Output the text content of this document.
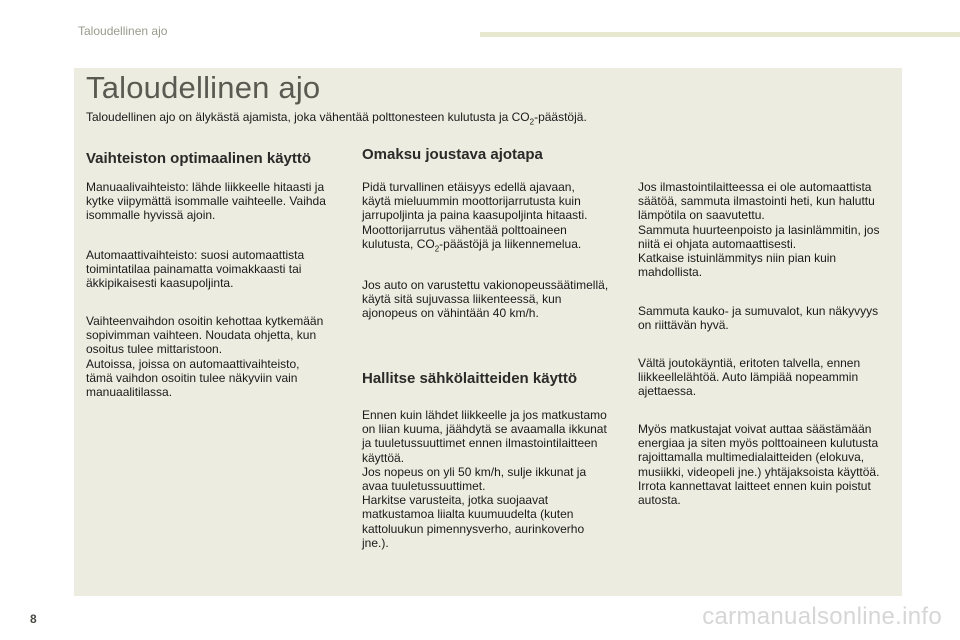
Taloudellinen ajo
Taloudellinen ajo
Taloudellinen ajo on älykästä ajamista, joka vähentää polttonesteen kulutusta ja $CO_2$-päästöjä.
Vaihteiston optimaalinen käyttö
Manuaalivaihteisto: lähde liikkeelle hitaasti ja
kytke viipymättä isommalle vaihteelle. Vaihda
isommalle hyvissä ajoin.
Automaattivaihteisto: suosi automaattista
toimintatilaa painamatta voimakkaasti tai
äkkipikaisesti kaasupoljinta.
Vaihteenvaihdon osoitin kehottaa kytkemään
sopivimman vaihteen. Noudata ohjetta, kun
osoitus tulee mittaristoon.
Autoissa, joissa on automaattivaihteisto,
tämä vaihdon osoitin tulee näkyviin vain
manuaalitilassa.
Omaksu joustava ajotapa
Pidä turvallinen etäisyys edellä ajavaan,
käytä mieluummin moottorijarrutusta kuin
jarrupoljinta ja paina kaasupoljinta hitaasti.
Moottorijarrutus vähentää polttoaineen
kulutusta, $CO_2$-päästöjä ja liikennemelua.
Jos auto on varustettu vakionopeussäätimellä,
käytä sitä sujuvassa liikenteessä, kun
ajonopeus on vähintään 40 km/h.
Hallitse sähkölaitteiden käyttö
Ennen kuin lähdet liikkeelle ja jos matkustamo
on liian kuuma, jäähdytä se avaamalla ikkunat
ja tuuletussuuttimet ennen ilmastointilaitteen
käyttöä.
Jos nopeus on yli 50 km/h, sulje ikkunat ja
avaa tuuletussuuttimet.
Harkitse varusteita, jotka suojaavat
matkustamoa liialta kuumuudelta (kuten
kattoluukun pimennysverho, aurinkoverho
jne.).
Jos ilmastointilaitteessa ei ole automaattista
säätöä, sammuta ilmastointi heti, kun haluttu
lämpötila on saavutettu.
Sammuta huurteenpoisto ja lasinlämmitin, jos
niitä ei ohjata automaattisesti.
Katkaise istuinlämmitys niin pian kuin
mahdollista.
Sammuta kauko- ja sumuvalot, kun näkyvyys
on riittävän hyvä.
Vältä joutokäyntiä, eritoten talvella, ennen
liikkeellelähtöä. Auto lämpiää nopeammin
ajettaessa.
Myös matkustajat voivat auttaa säästämään
energiaa ja siten myös polttoaineen kulutusta
rajoittamalla multimedialaitteiden (elokuva,
musiikki, videopeli jne.) yhtäjaksoista käyttöä.
Irrota kannettavat laitteet ennen kuin poistut
autosta.
8	carmanualsonline.info
